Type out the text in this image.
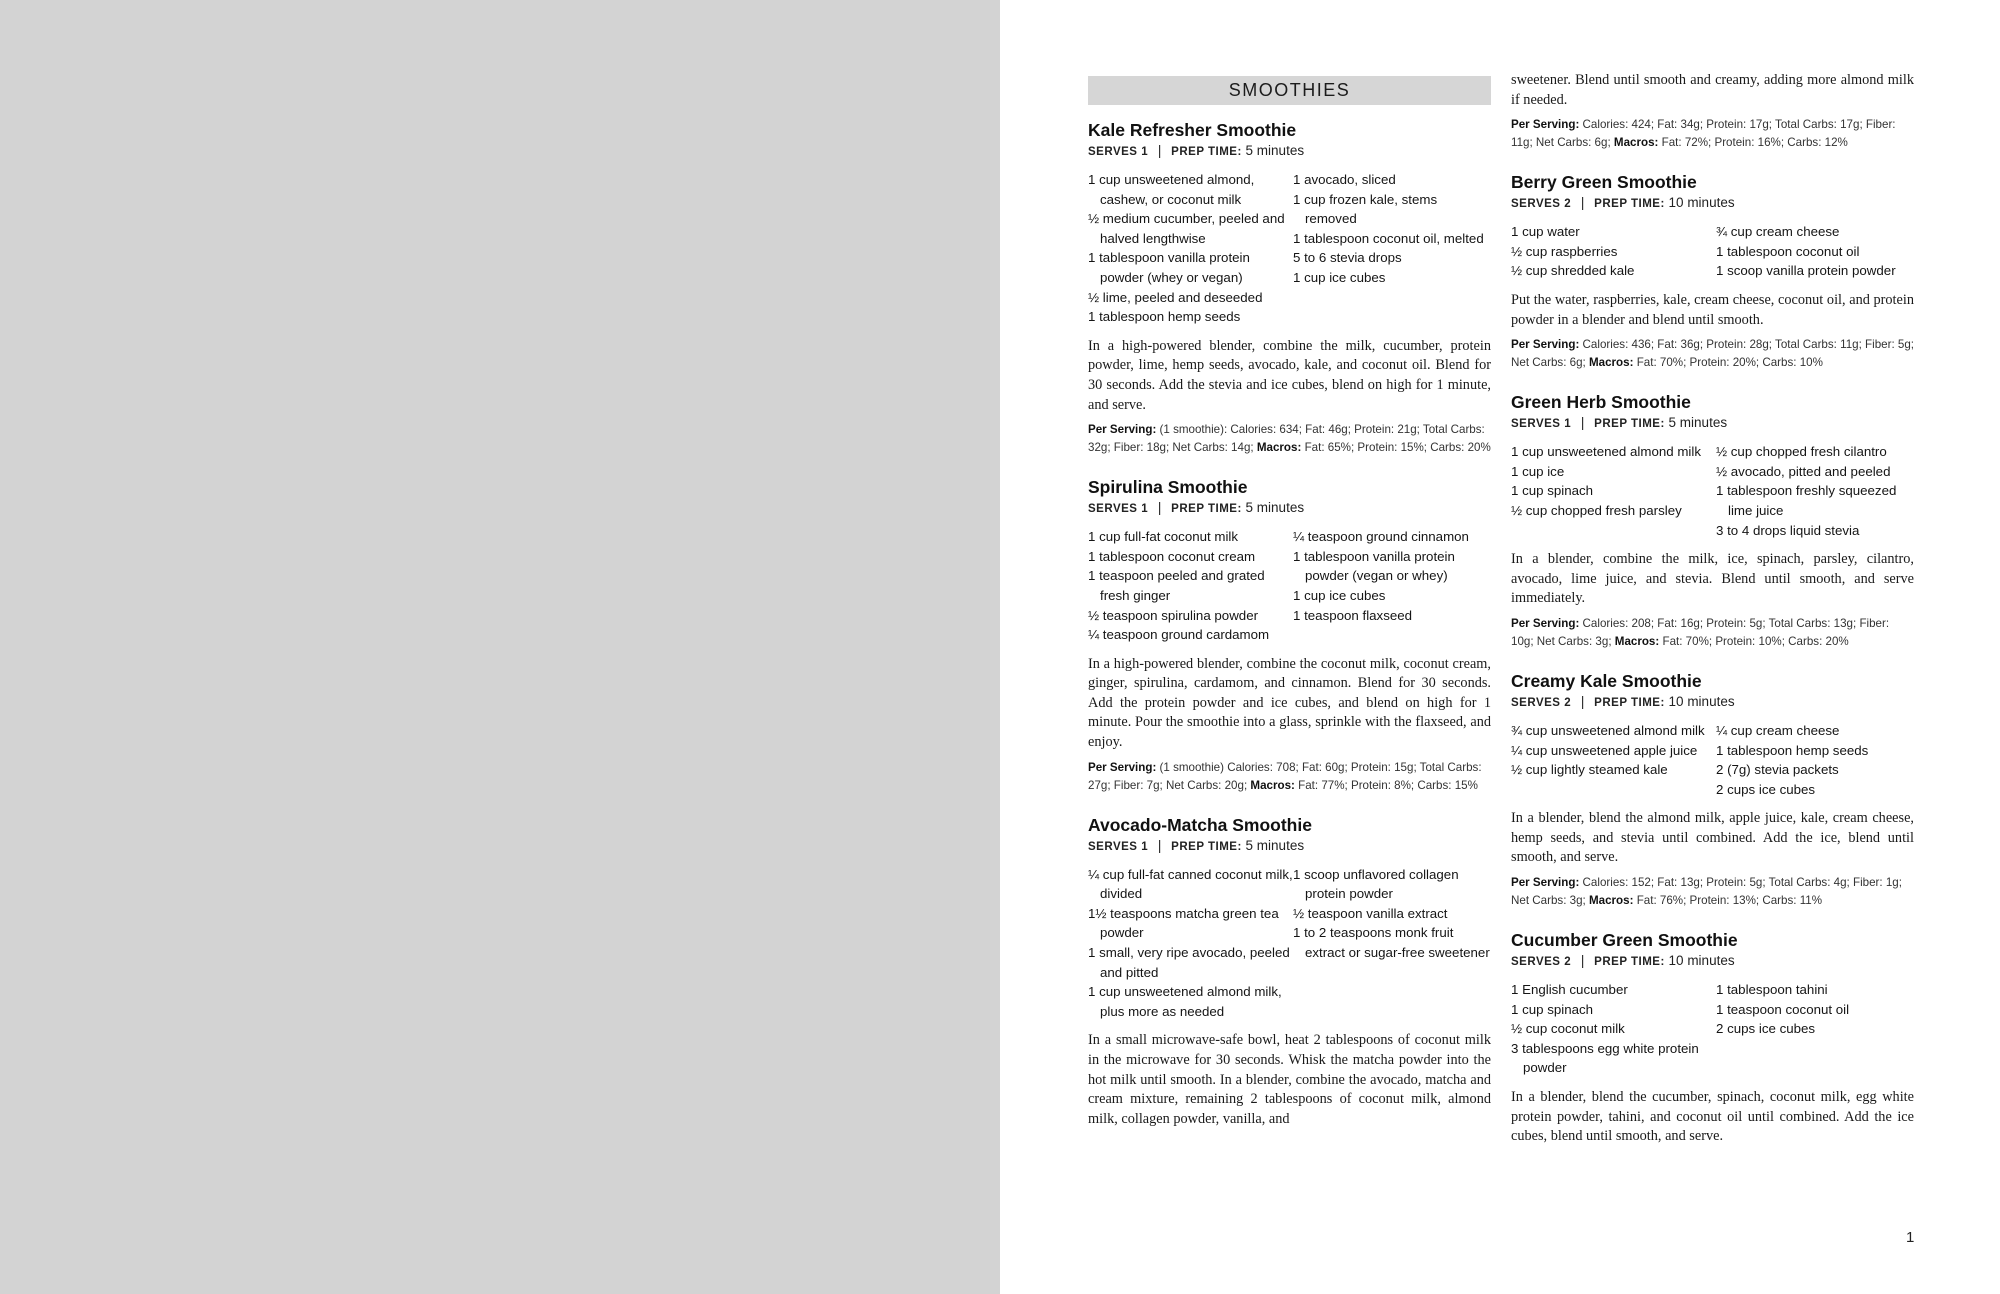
SMOOTHIES
Kale Refresher Smoothie
SERVES 1 | PREP TIME: 5 minutes
1 cup unsweetened almond, cashew, or coconut milk
½ medium cucumber, peeled and halved lengthwise
1 tablespoon vanilla protein powder (whey or vegan)
½ lime, peeled and deseeded
1 tablespoon hemp seeds
1 avocado, sliced
1 cup frozen kale, stems removed
1 tablespoon coconut oil, melted
5 to 6 stevia drops
1 cup ice cubes

In a high-powered blender, combine the milk, cucumber, protein powder, lime, hemp seeds, avocado, kale, and coconut oil. Blend for 30 seconds. Add the stevia and ice cubes, blend on high for 1 minute, and serve.

Per Serving: (1 smoothie): Calories: 634; Fat: 46g; Protein: 21g; Total Carbs: 32g; Fiber: 18g; Net Carbs: 14g; Macros: Fat: 65%; Protein: 15%; Carbs: 20%

Spirulina Smoothie
SERVES 1 | PREP TIME: 5 minutes
1 cup full-fat coconut milk
1 tablespoon coconut cream
1 teaspoon peeled and grated fresh ginger
½ teaspoon spirulina powder
¼ teaspoon ground cardamom
¼ teaspoon ground cinnamon
1 tablespoon vanilla protein powder (vegan or whey)
1 cup ice cubes
1 teaspoon flaxseed

In a high-powered blender, combine the coconut milk, coconut cream, ginger, spirulina, cardamom, and cinnamon. Blend for 30 seconds. Add the protein powder and ice cubes, and blend on high for 1 minute. Pour the smoothie into a glass, sprinkle with the flaxseed, and enjoy.

Per Serving: (1 smoothie) Calories: 708; Fat: 60g; Protein: 15g; Total Carbs: 27g; Fiber: 7g; Net Carbs: 20g; Macros: Fat: 77%; Protein: 8%; Carbs: 15%

Avocado-Matcha Smoothie
SERVES 1 | PREP TIME: 5 minutes
¼ cup full-fat canned coconut milk, divided
1½ teaspoons matcha green tea powder
1 small, very ripe avocado, peeled and pitted
1 cup unsweetened almond milk, plus more as needed
1 scoop unflavored collagen protein powder
½ teaspoon vanilla extract
1 to 2 teaspoons monk fruit extract or sugar-free sweetener

In a small microwave-safe bowl, heat 2 tablespoons of coconut milk in the microwave for 30 seconds. Whisk the matcha powder into the hot milk until smooth. In a blender, combine the avocado, matcha and cream mixture, remaining 2 tablespoons of coconut milk, almond milk, collagen powder, vanilla, and

sweetener. Blend until smooth and creamy, adding more almond milk if needed.

Per Serving: Calories: 424; Fat: 34g; Protein: 17g; Total Carbs: 17g; Fiber: 11g; Net Carbs: 6g; Macros: Fat: 72%; Protein: 16%; Carbs: 12%

Berry Green Smoothie
SERVES 2 | PREP TIME: 10 minutes
1 cup water
½ cup raspberries
½ cup shredded kale
¾ cup cream cheese
1 tablespoon coconut oil
1 scoop vanilla protein powder

Put the water, raspberries, kale, cream cheese, coconut oil, and protein powder in a blender and blend until smooth.

Per Serving: Calories: 436; Fat: 36g; Protein: 28g; Total Carbs: 11g; Fiber: 5g; Net Carbs: 6g; Macros: Fat: 70%; Protein: 20%; Carbs: 10%

Green Herb Smoothie
SERVES 1 | PREP TIME: 5 minutes
1 cup unsweetened almond milk
1 cup ice
1 cup spinach
½ cup chopped fresh parsley
½ cup chopped fresh cilantro
½ avocado, pitted and peeled
1 tablespoon freshly squeezed lime juice
3 to 4 drops liquid stevia

In a blender, combine the milk, ice, spinach, parsley, cilantro, avocado, lime juice, and stevia. Blend until smooth, and serve immediately.

Per Serving: Calories: 208; Fat: 16g; Protein: 5g; Total Carbs: 13g; Fiber: 10g; Net Carbs: 3g; Macros: Fat: 70%; Protein: 10%; Carbs: 20%

Creamy Kale Smoothie
SERVES 2 | PREP TIME: 10 minutes
¾ cup unsweetened almond milk
¼ cup unsweetened apple juice
½ cup lightly steamed kale
¼ cup cream cheese
1 tablespoon hemp seeds
2 (7g) stevia packets
2 cups ice cubes

In a blender, blend the almond milk, apple juice, kale, cream cheese, hemp seeds, and stevia until combined. Add the ice, blend until smooth, and serve.

Per Serving: Calories: 152; Fat: 13g; Protein: 5g; Total Carbs: 4g; Fiber: 1g; Net Carbs: 3g; Macros: Fat: 76%; Protein: 13%; Carbs: 11%

Cucumber Green Smoothie
SERVES 2 | PREP TIME: 10 minutes
1 English cucumber
1 cup spinach
½ cup coconut milk
3 tablespoons egg white protein powder
1 tablespoon tahini
1 teaspoon coconut oil
2 cups ice cubes

In a blender, blend the cucumber, spinach, coconut milk, egg white protein powder, tahini, and coconut oil until combined. Add the ice cubes, blend until smooth, and serve.

1
